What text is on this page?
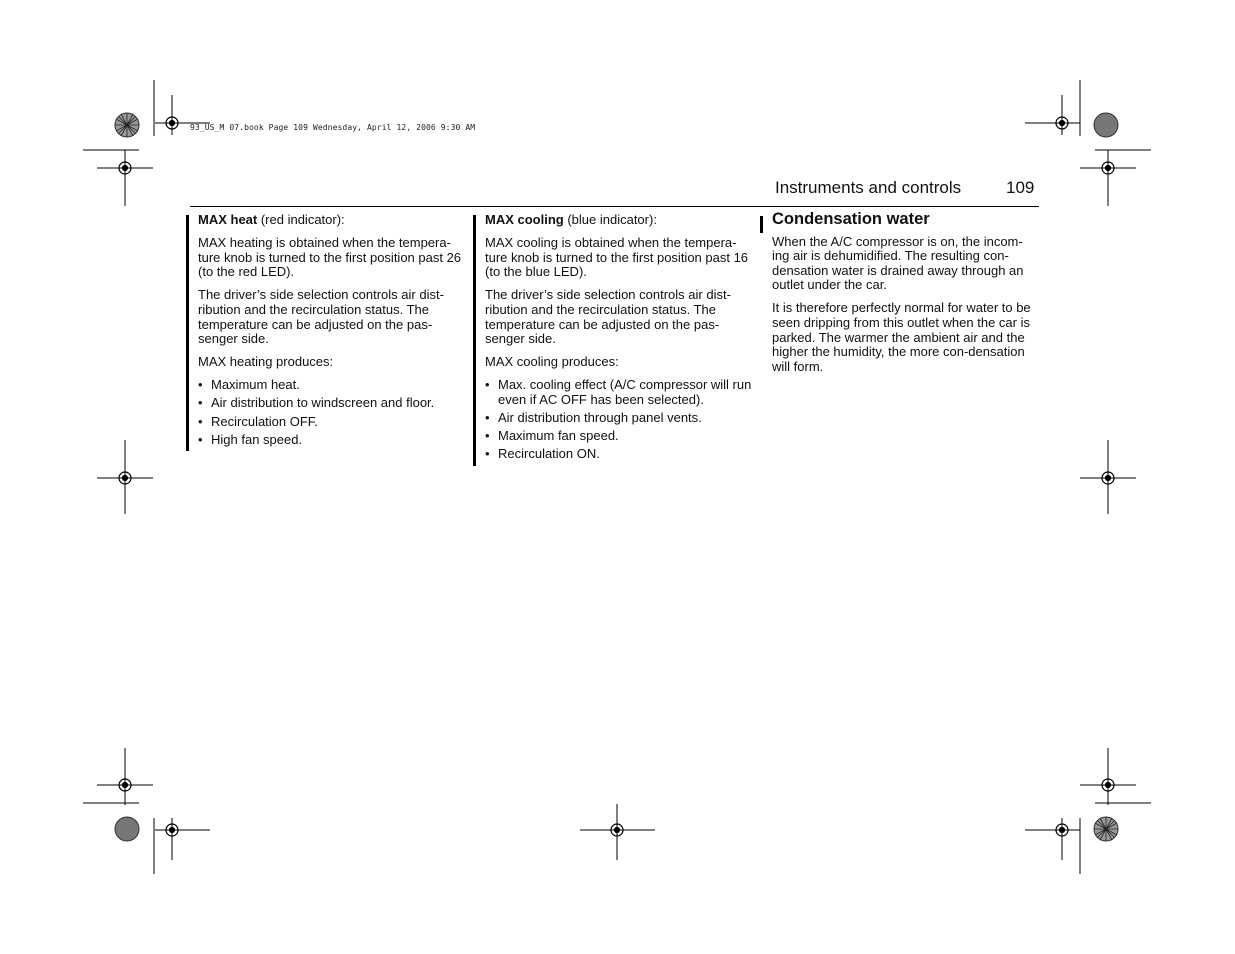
93_US_M 07.book Page 109 Wednesday, April 12, 2006 9:30 AM
Instruments and controls	109

MAX heat (red indicator):

MAX heating is obtained when the tempera-ture knob is turned to the first position past 26 (to the red LED).

The driver’s side selection controls air dist-ribution and the recirculation status. The temperature can be adjusted on the pas-senger side.

MAX heating produces:

• Maximum heat.
• Air distribution to windscreen and floor.
• Recirculation OFF.
• High fan speed.

MAX cooling (blue indicator):

MAX cooling is obtained when the tempera-ture knob is turned to the first position past 16 (to the blue LED).

The driver’s side selection controls air dist-ribution and the recirculation status. The temperature can be adjusted on the pas-senger side.

MAX cooling produces:

• Max. cooling effect (A/C compressor will run even if AC OFF has been selected).
• Air distribution through panel vents.
• Maximum fan speed.
• Recirculation ON.
Condensation water

When the A/C compressor is on, the incom-ing air is dehumidified. The resulting con-densation water is drained away through an outlet under the car.

It is therefore perfectly normal for water to be seen dripping from this outlet when the car is parked. The warmer the ambient air and the higher the humidity, the more con-densation will form.
